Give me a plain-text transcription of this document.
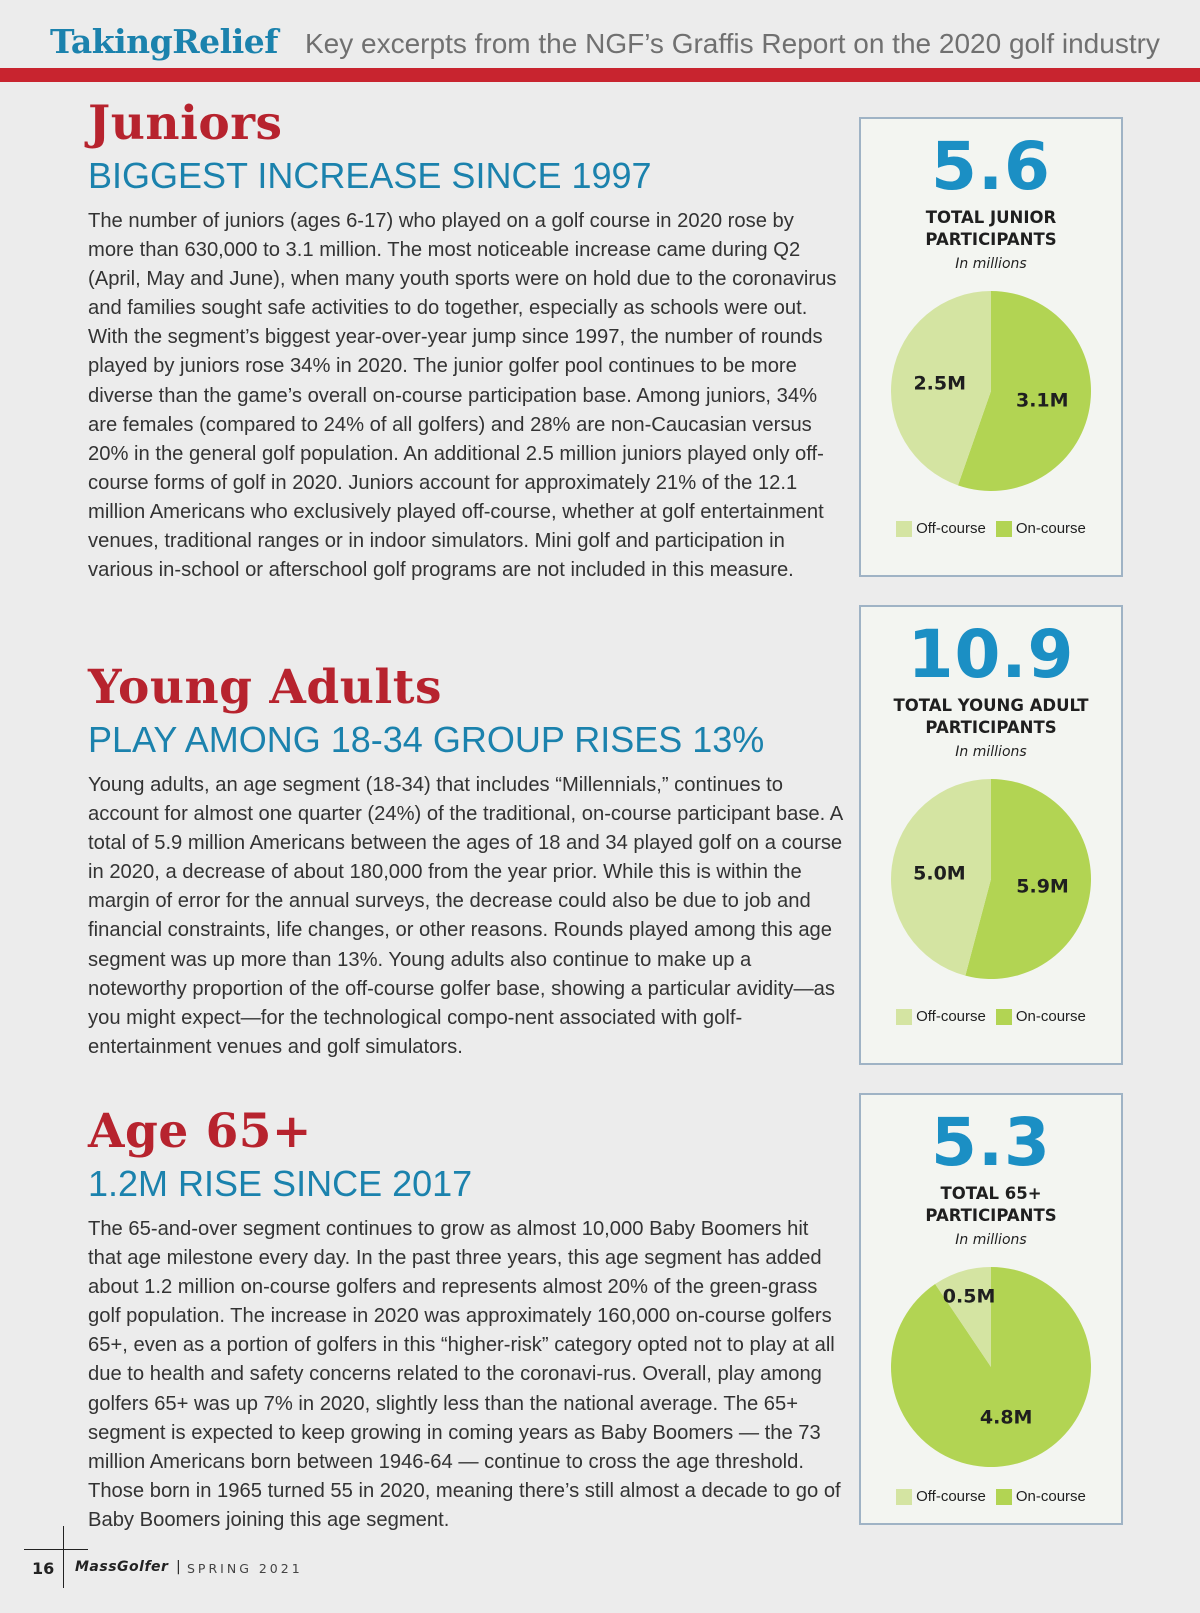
TakingRelief Key excerpts from the NGF’s Graffis Report on the 2020 golf industry
Juniors
BIGGEST INCREASE SINCE 1997

The number of juniors (ages 6-17) who played on a golf course in 2020 rose by more than 630,000 to 3.1 million. The most noticeable increase came during Q2 (April, May and June), when many youth sports were on hold due to the coronavirus and families sought safe activities to do together, especially as schools were out. With the segment’s biggest year-over-year jump since 1997, the number of rounds played by juniors rose 34% in 2020. The junior golfer pool continues to be more diverse than the game’s overall on-course participation base. Among juniors, 34% are females (compared to 24% of all golfers) and 28% are non-Caucasian versus 20% in the general golf population. An additional 2.5 million juniors played only off-course forms of golf in 2020. Juniors account for approximately 21% of the 12.1 million Americans who exclusively played off-course, whether at golf entertainment venues, traditional ranges or in indoor simulators. Mini golf and participation in various in-school or afterschool golf programs are not included in this measure.

Young Adults
PLAY AMONG 18-34 GROUP RISES 13%

Young adults, an age segment (18-34) that includes “Millennials,” continues to account for almost one quarter (24%) of the traditional, on-course participant base. A total of 5.9 million Americans between the ages of 18 and 34 played golf on a course in 2020, a decrease of about 180,000 from the year prior. While this is within the margin of error for the annual surveys, the decrease could also be due to job and financial constraints, life changes, or other reasons. Rounds played among this age segment was up more than 13%. Young adults also continue to make up a noteworthy proportion of the off-course golfer base, showing a particular avidity—as you might expect—for the technological compo-nent associated with golf-entertainment venues and golf simulators.

Age 65+
1.2M RISE SINCE 2017

The 65-and-over segment continues to grow as almost 10,000 Baby Boomers hit that age milestone every day. In the past three years, this age segment has added about 1.2 million on-course golfers and represents almost 20% of the green-grass golf population. The increase in 2020 was approximately 160,000 on-course golfers 65+, even as a portion of golfers in this “higher-risk” category opted not to play at all due to health and safety concerns related to the coronavi-rus. Overall, play among golfers 65+ was up 7% in 2020, slightly less than the national average. The 65+ segment is expected to keep growing in coming years as Baby Boomers — the 73 million Americans born between 1946-64 — continue to cross the age threshold. Those born in 1965 turned 55 in 2020, meaning there’s still almost a decade to go of Baby Boomers joining this age segment.

5.6
TOTAL JUNIOR
PARTICIPANTS
In millions
2.5M
3.1M
Off-course On-course
10.9
TOTAL YOUNG ADULT
PARTICIPANTS
In millions
5.0M
5.9M
Off-course On-course
5.3
TOTAL 65+
PARTICIPANTS
In millions
0.5M
4.8M
Off-course On-course
16 MassGolfer | SPRING 2021
